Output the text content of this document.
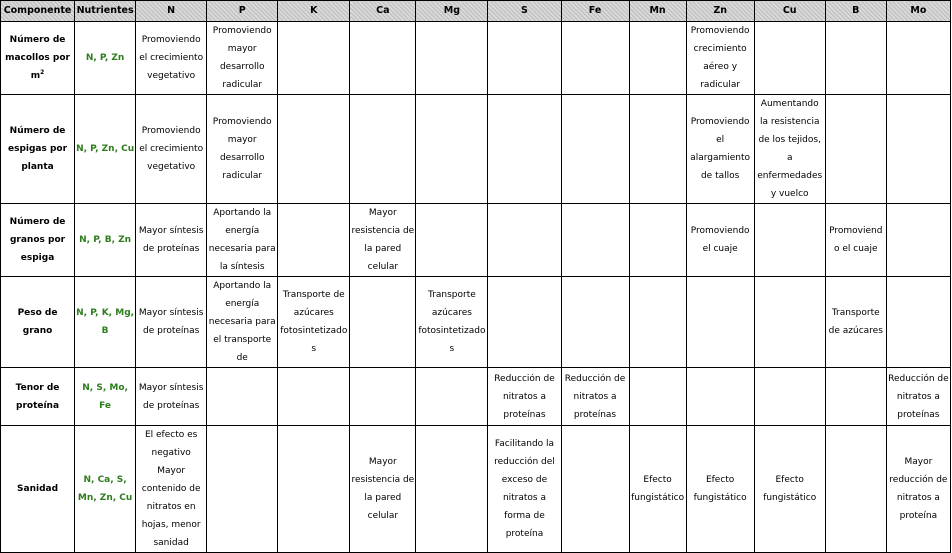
Componente	Nutrientes	N	P	K	Ca	Mg	S	Fe	Mn	Zn	Cu	B	Mo
Número de macollos por $m^2$	N, P, Zn	Promoviendo el crecimiento vegetativo	Promoviendo mayor desarrollo radicular							Promoviendo crecimiento aéreo y radicular			
Número de espigas por planta	N, P, Zn, Cu	Promoviendo el crecimiento vegetativo	Promoviendo mayor desarrollo radicular							Promoviendo el alargamiento de tallos	Aumentando la resistencia de los tejidos, a enfermedades y vuelco		
Número de granos por espiga	N, P, B, Zn	Mayor síntesis de proteínas	Aportando la energía necesaria para la síntesis		Mayor resistencia de la pared celular					Promoviendo el cuaje		Promoviendo el cuaje	
Peso de grano	N, P, K, Mg, B	Mayor síntesis de proteínas	Aportando la energía necesaria para el transporte de	Transporte de azúcares fotosintetizados		Transporte azúcares fotosintetizados						Transporte de azúcares	
Tenor de proteína	N, S, Mo, Fe	Mayor síntesis de proteínas					Reducción de nitratos a proteínas	Reducción de nitratos a proteínas					Reducción de nitratos a proteínas
Sanidad	N, Ca, S, Mn, Zn, Cu	El efecto es negativo Mayor contenido de nitratos en hojas, menor sanidad			Mayor resistencia de la pared celular		Facilitando la reducción del exceso de nitratos a forma de proteína		Efecto fungistático	Efecto fungistático	Efecto fungistático		Mayor reducción de nitratos a proteína
